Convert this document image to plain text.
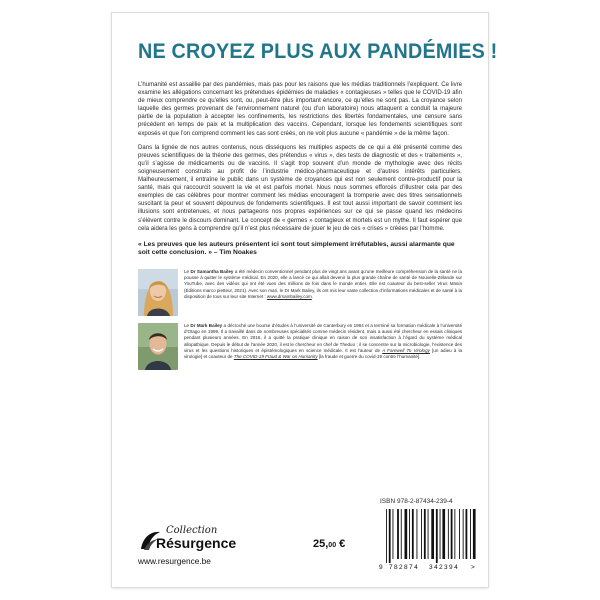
NE CROYEZ PLUS AUX PANDÉMIES !

L’humanité est assaillie par des pandémies, mais pas pour les raisons que les médias traditionnels l’expliquent. Ce livre examine les allégations concernant les prétendues épidémies de maladies « contagieuses » telles que le COVID-19 afin de mieux comprendre ce qu’elles sont, ou, peut-être plus important encore, ce qu’elles ne sont pas. La croyance selon laquelle des germes provenant de l’environnement naturel (ou d’un laboratoire) nous attaquent a conduit la majeure partie de la population à accepter les confinements, les restrictions des libertés fondamentales, une censure sans précédent en temps de paix et la multiplication des vaccins. Cependant, lorsque les fondements scientifiques sont exposés et que l’on comprend comment les cas sont créés, on ne voit plus aucune « pandémie » de la même façon.

Dans la lignée de nos autres contenus, nous disséquons les multiples aspects de ce qui a été présenté comme des preuves scientifiques de la théorie des germes, des prétendus « virus », des tests de diagnostic et des « traitements », qu’il s’agisse de médicaments ou de vaccins. Il s’agit trop souvent d’un monde de mythologie avec des récits soigneusement construits au profit de l’industrie médico-pharmaceutique et d’autres intérêts particuliers. Malheureusement, il entraîne le public dans un système de croyances qui est non seulement contre-productif pour la santé, mais qui raccourcit souvent la vie et est parfois mortel. Nous nous sommes efforcés d’illustrer cela par des exemples de cas célèbres pour montrer comment les médias encouragent la tromperie avec des titres sensationnels suscitant la peur et souvent dépourvus de fondements scientifiques. Il est tout aussi important de savoir comment les illusions sont entretenues, et nous partageons nos propres expériences sur ce qui se passe quand les médecins s’élèvent contre le discours dominant. Le concept de « germes » contagieux et mortels est un mythe. Il faut espérer que cela aidera les gens à comprendre qu’il n’est plus nécessaire de jouer le jeu de ces « crises » créées par l’homme.

« Les preuves que les auteurs présentent ici sont tout simplement irréfutables, aussi alarmante que soit cette conclusion. » – Tim Noakes

Le Dr Samantha Bailey a été médecin conventionnel pendant plus de vingt ans avant qu’une meilleure compréhension de la santé ne la pousse à quitter le système médical. En 2020, elle a lancé ce qui allait devenir la plus grande chaîne de santé de Nouvelle-Zélande sur YouTube, avec des vidéos qui ont été vues des millions de fois dans le monde entier. Elle est coauteur du best-seller Virus Mania (Éditions marco pietteur, 2021). Avec son mari, le Dr Mark Bailey, ils ont mis leur vaste collection d’informations médicales et de santé à la disposition de tous sur leur site Internet : www.drsambailey.com.
Le Dr Mark Bailey a décroché une bourse d’études à l’université de Canterbury en 1994 et a terminé sa formation médicale à l’université d’Otago en 1999. Il a travaillé dans de nombreuses spécialités comme médecin résident, mais a aussi été chercheur en essais cliniques pendant plusieurs années. En 2016, il a quitté la pratique clinique en raison de son insatisfaction à l’égard du système médical allopathique. Depuis le début de l’année 2020, il est le chercheur en chef de Theduo ; il se concentre sur la microbiologie, l’existence des virus et les questions historiques et épistémologiques en science médicale. Il est l’auteur de A Farewell To Virology [un adieu à la virologie] et coauteur de The COVID-19 Fraud & War on Humanity [la fraude et guerre du covid-19 contre l’humanité].
Collection
Résurgence
www.resurgence.be
25,00 €
ISBN 978-2-87434-239-4
9 782874 342394 >
